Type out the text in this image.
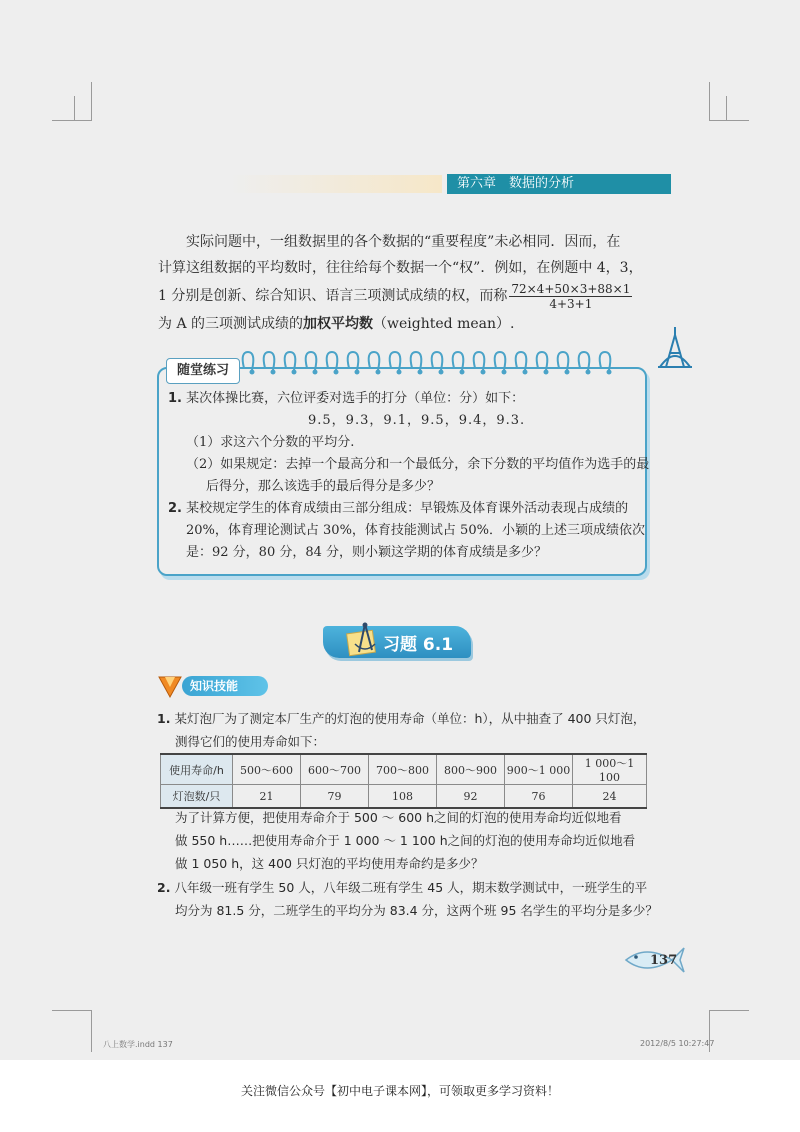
第六章　数据的分析
实际问题中，一组数据里的各个数据的“重要程度”未必相同．因而，在
计算这组数据的平均数时，往往给每个数据一个“权”．例如，在例题中 4，3，
1 分别是创新、综合知识、语言三项测试成绩的权，而称 $\frac{72\times 4+50\times 3+88\times 1}{4+3+1}$
为 A 的三项测试成绩的加权平均数（weighted mean）.
随堂练习
1. 某次体操比赛，六位评委对选手的打分（单位：分）如下：
9.5，9.3，9.1，9.5，9.4，9.3.
（1）求这六个分数的平均分.
（2）如果规定：去掉一个最高分和一个最低分，余下分数的平均值作为选手的最
后得分，那么该选手的最后得分是多少？
2. 某校规定学生的体育成绩由三部分组成：早锻炼及体育课外活动表现占成绩的
20%，体育理论测试占 30%，体育技能测试占 50%．小颖的上述三项成绩依次
是：92 分，80 分，84 分，则小颖这学期的体育成绩是多少？
习题 6.1
知识技能
1. 某灯泡厂为了测定本厂生产的灯泡的使用寿命（单位：h），从中抽查了 400 只灯泡，
测得它们的使用寿命如下：
使用寿命/h	500～600	600～700	700～800	800～900	900～1 000	1 000～1 100
灯泡数/只	21	79	108	92	76	24
为了计算方便，把使用寿命介于 500 ～ 600 h之间的灯泡的使用寿命均近似地看
做 550 h……把使用寿命介于 1 000 ～ 1 100 h之间的灯泡的使用寿命均近似地看
做 1 050 h，这 400 只灯泡的平均使用寿命约是多少？
2. 八年级一班有学生 50 人，八年级二班有学生 45 人，期末数学测试中，一班学生的平
均分为 81.5 分，二班学生的平均分为 83.4 分，这两个班 95 名学生的平均分是多少？
137
八上数学.indd 137	2012/8/5 10:27:47
关注微信公众号【初中电子课本网】，可领取更多学习资料！
